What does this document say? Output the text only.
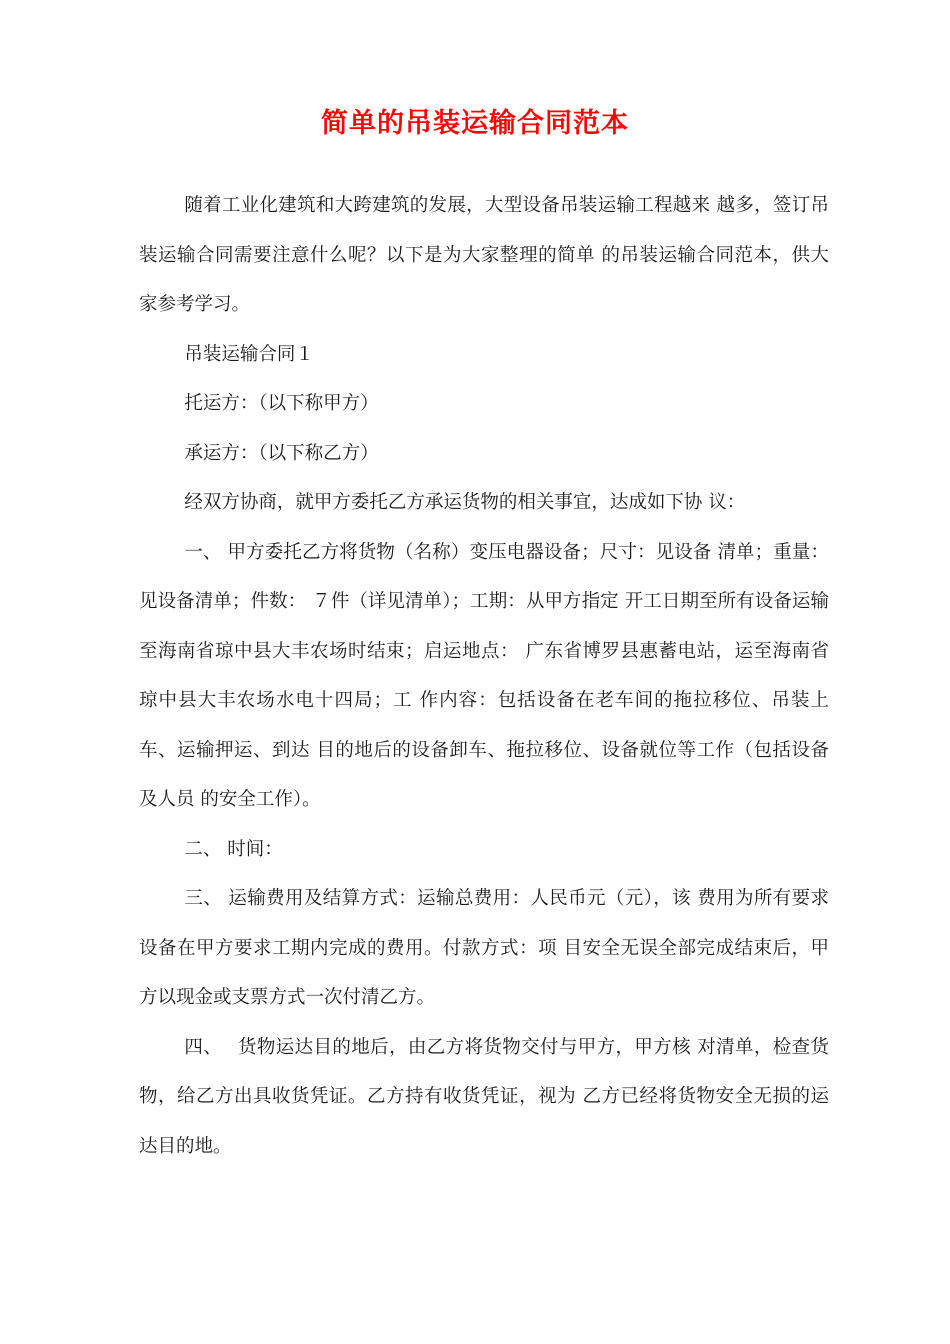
简单的吊装运输合同范本

随着工业化建筑和大跨建筑的发展，大型设备吊装运输工程越来 越多，签订吊装运输合同需要注意什么呢？以下是为大家整理的简单 的吊装运输合同范本，供大家参考学习。

吊装运输合同１

托运方：（以下称甲方）

承运方：（以下称乙方）

经双方协商，就甲方委托乙方承运货物的相关事宜，达成如下协 议：

一、 甲方委托乙方将货物（名称）变压电器设备；尺寸：见设备 清单；重量：见设备清单；件数： ７件（详见清单）；工期：从甲方指定 开工日期至所有设备运输至海南省琼中县大丰农场时结束；启运地点： 广东省博罗县惠蓄电站，运至海南省琼中县大丰农场水电十四局；工 作内容：包括设备在老车间的拖拉移位、吊装上车、运输押运、到达 目的地后的设备卸车、拖拉移位、设备就位等工作（包括设备及人员 的安全工作）。

二、 时间：

三、 运输费用及结算方式：运输总费用：人民币元（元），该 费用为所有要求设备在甲方要求工期内完成的费用。付款方式：项 目安全无误全部完成结束后，甲方以现金或支票方式一次付清乙方。

四、　 货物运达目的地后，由乙方将货物交付与甲方，甲方核 对清单，检查货物，给乙方出具收货凭证。乙方持有收货凭证，视为 乙方已经将货物安全无损的运达目的地。
